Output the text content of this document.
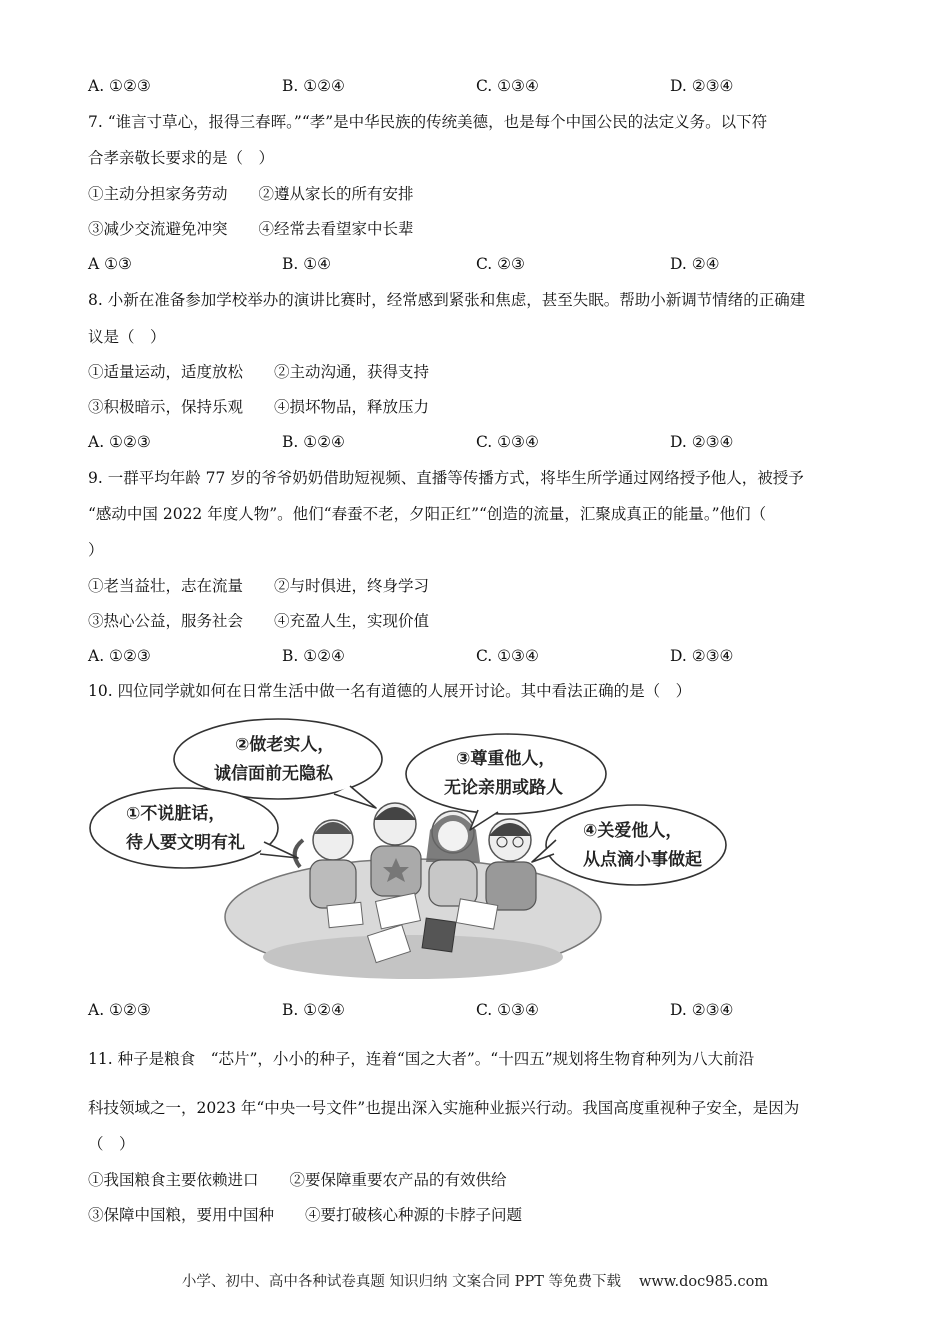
A. ①②③	B. ①②④	C. ①③④	D. ②③④
7. “谁言寸草心，报得三春晖。”“孝”是中华民族的传统美德，也是每个中国公民的法定义务。以下符
合孝亲敬长要求的是（　）
①主动分担家务劳动　　②遵从家长的所有安排
③减少交流避免冲突　　④经常去看望家中长辈
A ①③	B. ①④	C. ②③	D. ②④
8. 小新在准备参加学校举办的演讲比赛时，经常感到紧张和焦虑，甚至失眠。帮助小新调节情绪的正确建
议是（　）
①适量运动，适度放松　　②主动沟通，获得支持
③积极暗示，保持乐观　　④损坏物品，释放压力
A. ①②③	B. ①②④	C. ①③④	D. ②③④
9. 一群平均年龄 77 岁的爷爷奶奶借助短视频、直播等传播方式，将毕生所学通过网络授予他人，被授予
“感动中国 2022 年度人物”。他们“春蚕不老，夕阳正红”“创造的流量，汇聚成真正的能量。”他们（
）
①老当益壮，志在流量　　②与时俱进，终身学习
③热心公益，服务社会　　④充盈人生，实现价值
A. ①②③	B. ①②④	C. ①③④	D. ②③④
10. 四位同学就如何在日常生活中做一名有道德的人展开讨论。其中看法正确的是（　）
②做老实人，
诚信面前无隐私
③尊重他人，
无论亲朋或路人
①不说脏话，
待人要文明有礼
④关爱他人，
从点滴小事做起
A. ①②③	B. ①②④	C. ①③④	D. ②③④
11. 种子是粮食　“芯片”，小小的种子，连着“国之大者”。“十四五”规划将生物育种列为八大前沿
科技领域之一，2023 年“中央一号文件”也提出深入实施种业振兴行动。我国高度重视种子安全，是因为
（　）
①我国粮食主要依赖进口　　②要保障重要农产品的有效供给
③保障中国粮，要用中国种　　④要打破核心种源的卡脖子问题
小学、初中、高中各种试卷真题 知识归纳 文案合同 PPT 等免费下载 www.doc985.com
